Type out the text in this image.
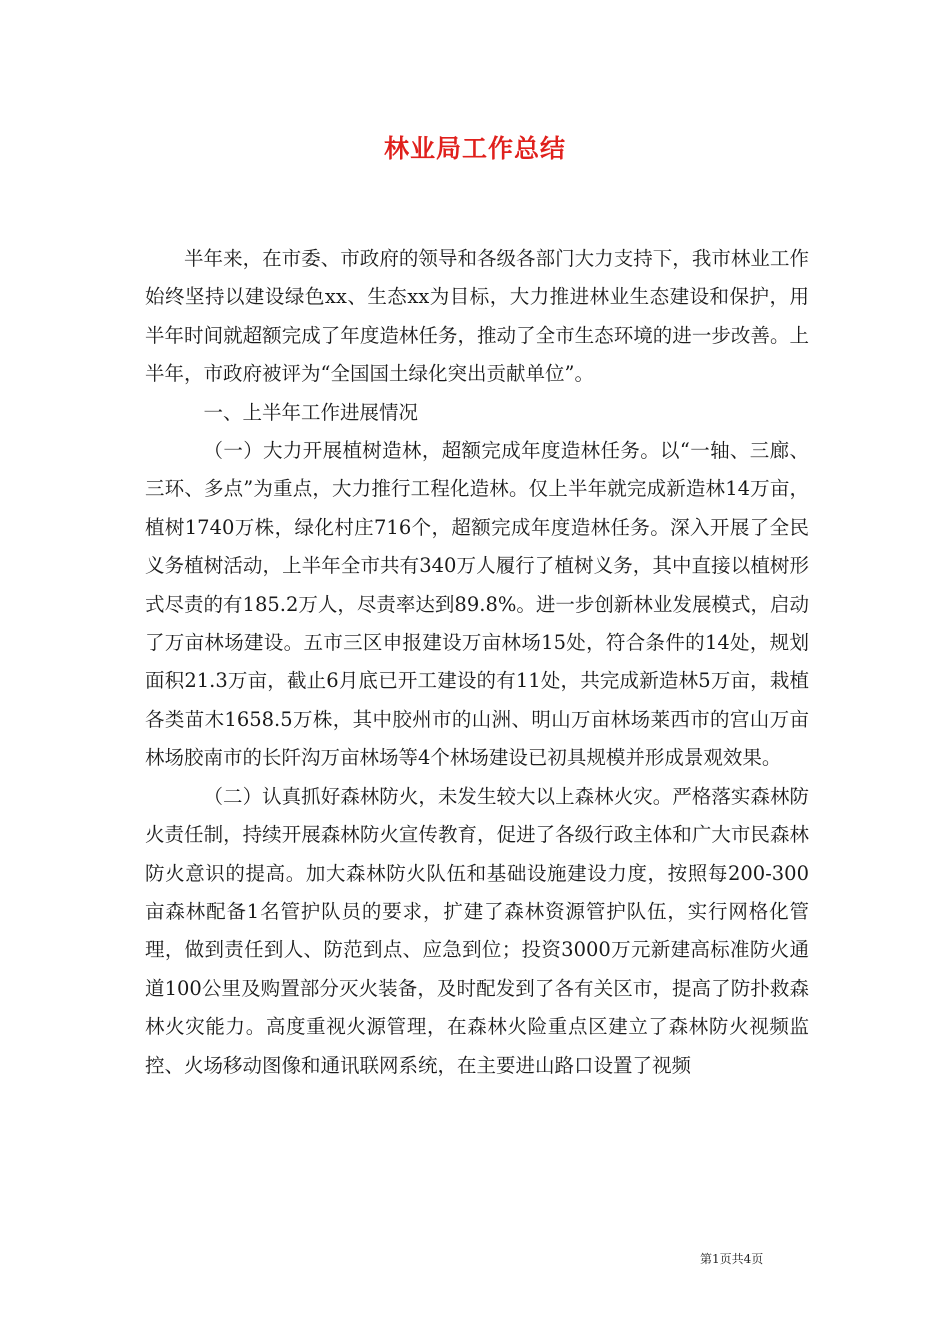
林业局工作总结

半年来，在市委、市政府的领导和各级各部门大力支持下，我市林业工作始终坚持以建设绿色xx、生态xx为目标，大力推进林业生态建设和保护，用半年时间就超额完成了年度造林任务，推动了全市生态环境的进一步改善。上半年，市政府被评为“全国国土绿化突出贡献单位”。

一、上半年工作进展情况

（一）大力开展植树造林，超额完成年度造林任务。以“一轴、三廊、三环、多点”为重点，大力推行工程化造林。仅上半年就完成新造林14万亩，植树1740万株，绿化村庄716个，超额完成年度造林任务。深入开展了全民义务植树活动，上半年全市共有340万人履行了植树义务，其中直接以植树形式尽责的有185.2万人，尽责率达到89.8%。进一步创新林业发展模式，启动了万亩林场建设。五市三区申报建设万亩林场15处，符合条件的14处，规划面积21.3万亩，截止6月底已开工建设的有11处，共完成新造林5万亩，栽植各类苗木1658.5万株，其中胶州市的山洲、明山万亩林场莱西市的宫山万亩林场胶南市的长阡沟万亩林场等4个林场建设已初具规模并形成景观效果。

（二）认真抓好森林防火，未发生较大以上森林火灾。严格落实森林防火责任制，持续开展森林防火宣传教育，促进了各级行政主体和广大市民森林防火意识的提高。加大森林防火队伍和基础设施建设力度，按照每200-300亩森林配备1名管护队员的要求，扩建了森林资源管护队伍，实行网格化管理，做到责任到人、防范到点、应急到位；投资3000万元新建高标准防火通道100公里及购置部分灭火装备，及时配发到了各有关区市，提高了防扑救森林火灾能力。高度重视火源管理，在森林火险重点区建立了森林防火视频监控、火场移动图像和通讯联网系统，在主要进山路口设置了视频

第1页共4页
